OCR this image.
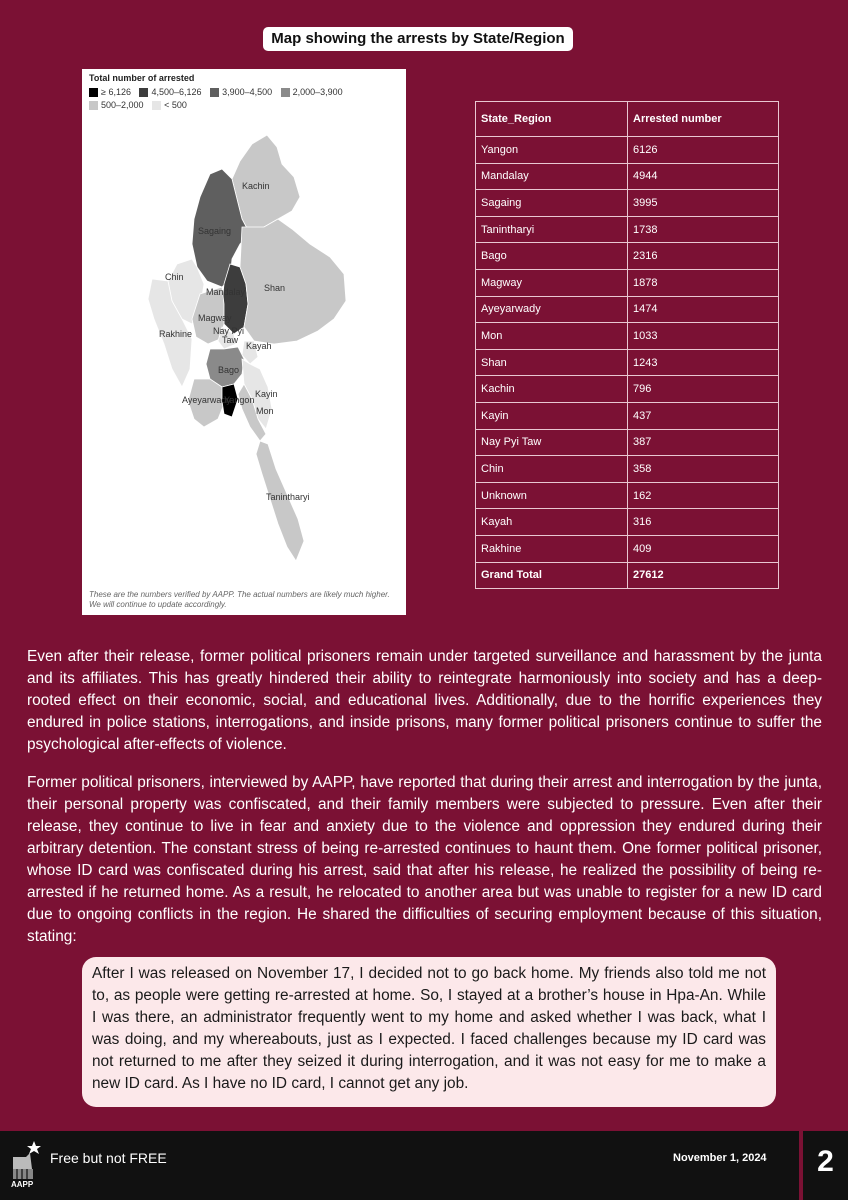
Map showing the arrests by State/Region
Total number of arrested
≥ 6,126
4,500–6,126
3,900–4,500
2,000–3,900

500–2,000
< 500
Kachin
Sagaing
Chin
Mandalay Shan
Magway
Rakhine Nay Pyi
Taw
Kayah
Bago
Kayin
Ayeyarwady
Yangon
Mon
Tanintharyi
These are the numbers verified by AAPP. The actual numbers are likely much higher. We will continue to update accordingly.
State_Region	Arrested number
Yangon	6126
Mandalay	4944
Sagaing	3995
Tanintharyi	1738
Bago	2316
Magway	1878
Ayeyarwady	1474
Mon	1033
Shan	1243
Kachin	796
Kayin	437
Nay Pyi Taw	387
Chin	358
Unknown	162
Kayah	316
Rakhine	409
Grand Total	27612

Even after their release, former political prisoners remain under targeted surveillance and harassment by the junta and its affiliates. This has greatly hindered their ability to reintegrate harmoniously into society and has a deep-rooted effect on their economic, social, and educational lives. Additionally, due to the horrific experiences they endured in police stations, interrogations, and inside prisons, many former political prisoners continue to suffer the psychological after-effects of violence.

Former political prisoners, interviewed by AAPP, have reported that during their arrest and interrogation by the junta, their personal property was confiscated, and their family members were subjected to pressure. Even after their release, they continue to live in fear and anxiety due to the violence and oppression they endured during their arbitrary detention. The constant stress of being re-arrested continues to haunt them. One former political prisoner, whose ID card was confiscated during his arrest, said that after his release, he realized the possibility of being re-arrested if he returned home. As a result, he relocated to another area but was unable to register for a new ID card due to ongoing conflicts in the region. He shared the difficulties of securing employment because of this situation, stating:

After I was released on November 17, I decided not to go back home. My friends also told me not to, as people were getting re-arrested at home. So, I stayed at a brother’s house in Hpa-An. While I was there, an administrator frequently went to my home and asked whether I was back, what I was doing, and my whereabouts, just as I expected. I faced challenges because my ID card was not returned to me after they seized it during interrogation, and it was not easy for me to make a new ID card. As I have no ID card, I cannot get any job.
AAPP
Free but not FREE	November 1, 2024	2
